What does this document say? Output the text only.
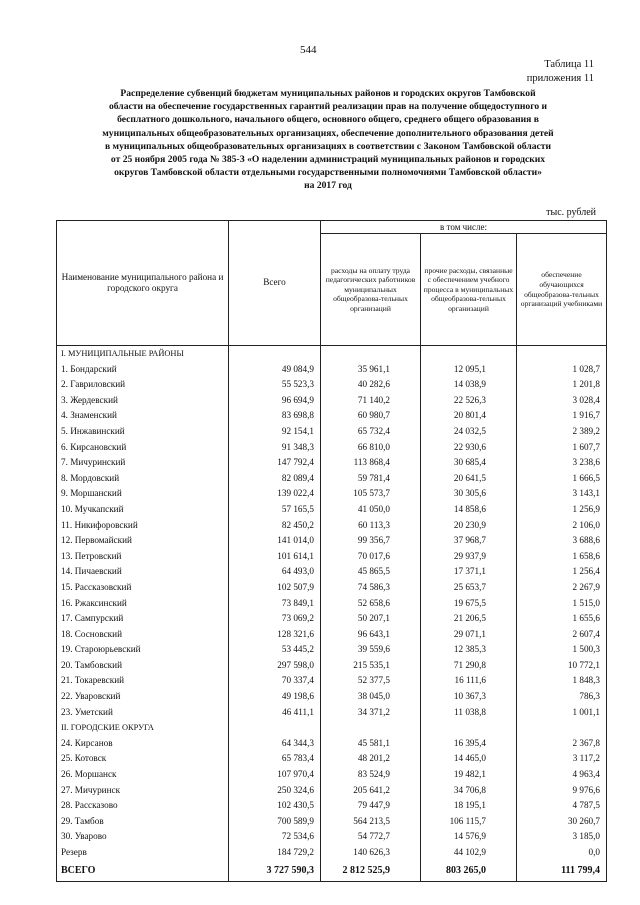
544
Таблица 11
приложения 11
Распределение субвенций бюджетам муниципальных районов и городских округов Тамбовской
области на обеспечение государственных гарантий реализации прав на получение общедоступного и
бесплатного дошкольного, начального общего, основного общего, среднего общего образования в
муниципальных общеобразовательных организациях, обеспечение дополнительного образования детей
в муниципальных общеобразовательных организациях в соответствии с Законом Тамбовской области
от 25 ноября 2005 года № 385-З «О наделении администраций муниципальных районов и городских
округов Тамбовской области отдельными государственными полномочиями Тамбовской области»
на 2017 год
тыс. рублей
Наименование муниципального района и городского округа	Всего	в том числе:		
		расходы на оплату труда педагогических работников муниципальных общеобразова-тельных организаций	прочие расходы, связанные с обеспечением учебного процесса в муниципальных общеобразова-тельных организаций	обеспечение обучающихся общеобразова-тельных организаций учебниками
I. МУНИЦИПАЛЬНЫЕ РАЙОНЫ				
1. Бондарский	49 084,9	35 961,1	12 095,1	1 028,7
2. Гавриловский	55 523,3	40 282,6	14 038,9	1 201,8
3. Жердевский	96 694,9	71 140,2	22 526,3	3 028,4
4. Знаменский	83 698,8	60 980,7	20 801,4	1 916,7
5. Инжавинский	92 154,1	65 732,4	24 032,5	2 389,2
6. Кирсановский	91 348,3	66 810,0	22 930,6	1 607,7
7. Мичуринский	147 792,4	113 868,4	30 685,4	3 238,6
8. Мордовский	82 089,4	59 781,4	20 641,5	1 666,5
9. Моршанский	139 022,4	105 573,7	30 305,6	3 143,1
10. Мучкапский	57 165,5	41 050,0	14 858,6	1 256,9
11. Никифоровский	82 450,2	60 113,3	20 230,9	2 106,0
12. Первомайский	141 014,0	99 356,7	37 968,7	3 688,6
13. Петровский	101 614,1	70 017,6	29 937,9	1 658,6
14. Пичаевский	64 493,0	45 865,5	17 371,1	1 256,4
15. Рассказовский	102 507,9	74 586,3	25 653,7	2 267,9
16. Ржаксинский	73 849,1	52 658,6	19 675,5	1 515,0
17. Сампурский	73 069,2	50 207,1	21 206,5	1 655,6
18. Сосновский	128 321,6	96 643,1	29 071,1	2 607,4
19. Староюрьевский	53 445,2	39 559,6	12 385,3	1 500,3
20. Тамбовский	297 598,0	215 535,1	71 290,8	10 772,1
21. Токаревский	70 337,4	52 377,5	16 111,6	1 848,3
22. Уваровский	49 198,6	38 045,0	10 367,3	786,3
23. Уметский	46 411,1	34 371,2	11 038,8	1 001,1
II. ГОРОДСКИЕ ОКРУГА				
24. Кирсанов	64 344,3	45 581,1	16 395,4	2 367,8
25. Котовск	65 783,4	48 201,2	14 465,0	3 117,2
26. Моршанск	107 970,4	83 524,9	19 482,1	4 963,4
27. Мичуринск	250 324,6	205 641,2	34 706,8	9 976,6
28. Рассказово	102 430,5	79 447,9	18 195,1	4 787,5
29. Тамбов	700 589,9	564 213,5	106 115,7	30 260,7
30. Уварово	72 534,6	54 772,7	14 576,9	3 185,0
Резерв	184 729,2	140 626,3	44 102,9	0,0
ВСЕГО	3 727 590,3	2 812 525,9	803 265,0	111 799,4
